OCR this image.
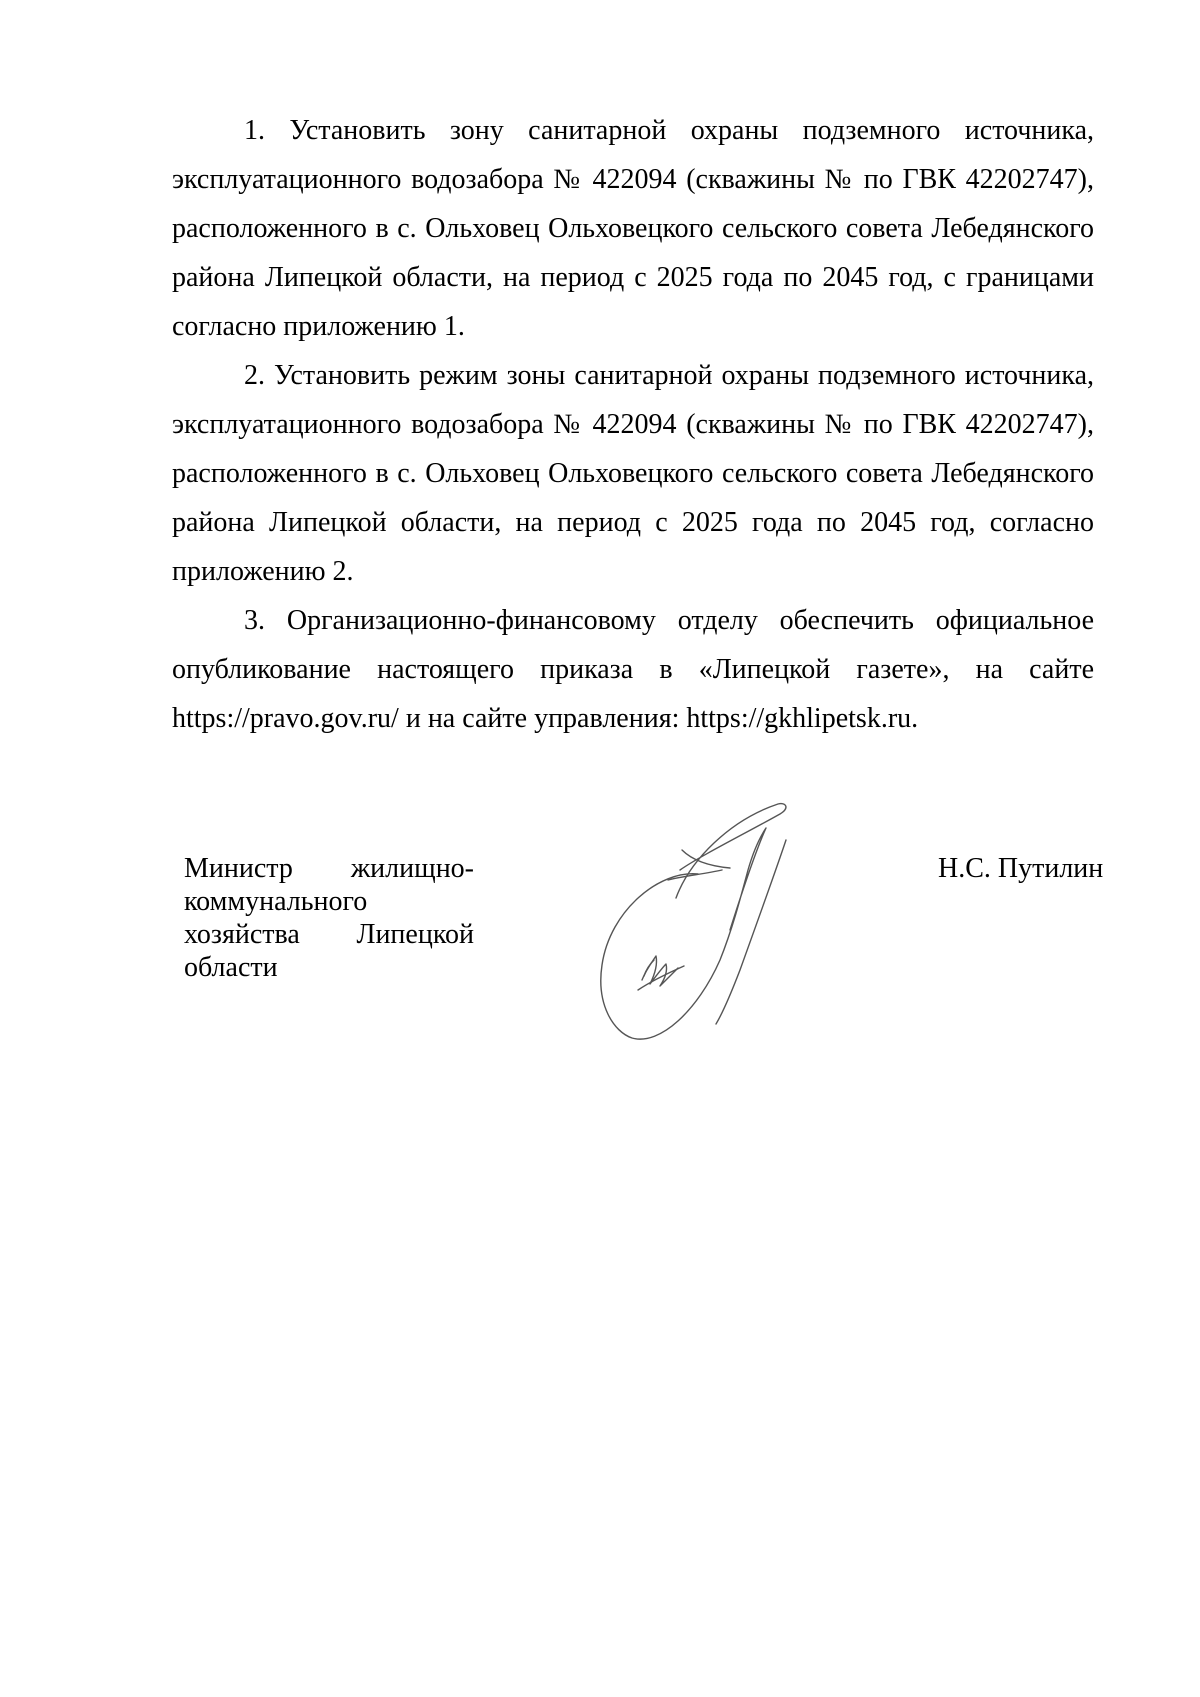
1. Установить зону санитарной охраны подземного источника, эксплуатационного водозабора № 422094 (скважины № по ГВК 42202747), расположенного в с. Ольховец Ольховецкого сельского совета Лебедянского района Липецкой области, на период с 2025 года по 2045 год, с границами согласно приложению 1.

2. Установить режим зоны санитарной охраны подземного источника, эксплуатационного водозабора № 422094 (скважины № по ГВК 42202747), расположенного в с. Ольховец Ольховецкого сельского совета Лебедянского района Липецкой области, на период с 2025 года по 2045 год, согласно приложению 2.

3. Организационно-финансовому отделу обеспечить официальное опубликование настоящего приказа в «Липецкой газете», на сайте https://pravo.gov.ru/ и на сайте управления: https://gkhlipetsk.ru.

Министр жилищно-
коммунального
хозяйства Липецкой
области
Н.С. Путилин
